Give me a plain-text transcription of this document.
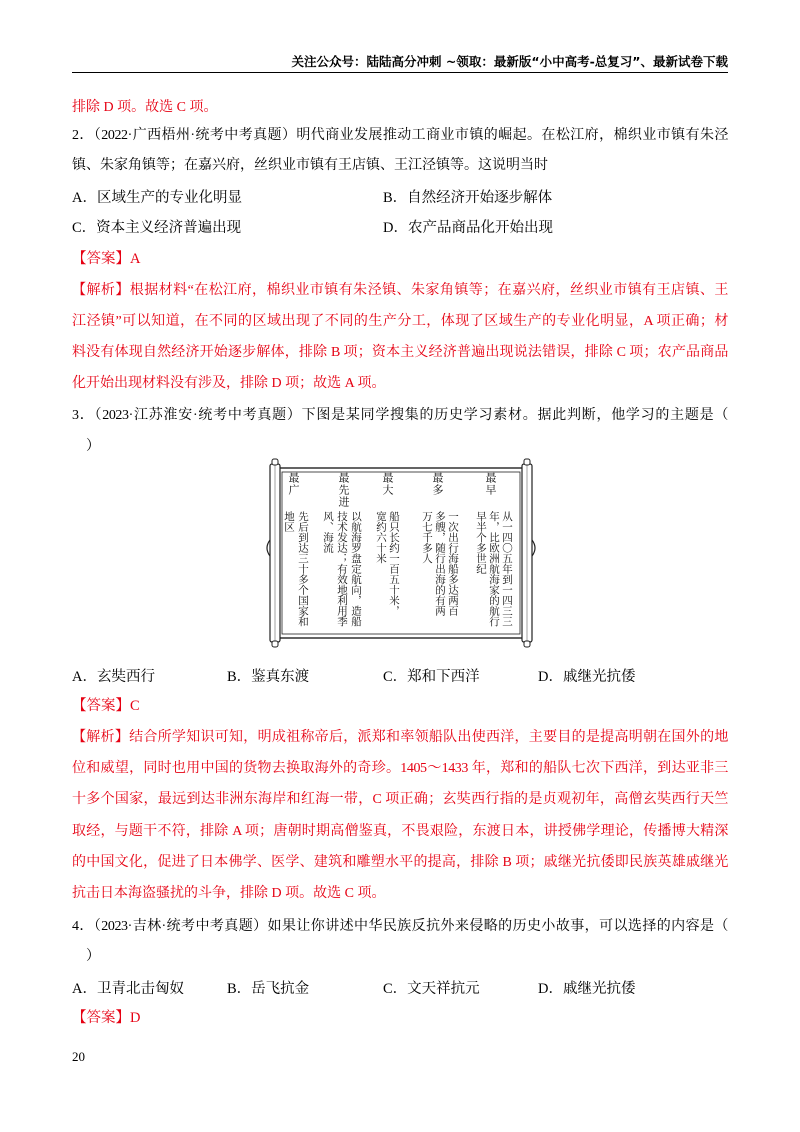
关注公众号：陆陆高分冲刺 ~领取：最新版“小中高考-总复习”、最新试卷下载
排除 D 项。故选 C 项。
2．（2022·广西梧州·统考中考真题）明代商业发展推动工商业市镇的崛起。在松江府，棉织业市镇有朱泾
镇、朱家角镇等；在嘉兴府，丝织业市镇有王店镇、王江泾镇等。这说明当时
A．区域生产的专业化明显	B．自然经济开始逐步解体
C．资本主义经济普遍出现	D．农产品商品化开始出现
【答案】A
【解析】根据材料“在松江府，棉织业市镇有朱泾镇、朱家角镇等；在嘉兴府，丝织业市镇有王店镇、王
江泾镇”可以知道，在不同的区域出现了不同的生产分工，体现了区域生产的专业化明显，A 项正确；材
料没有体现自然经济开始逐步解体，排除 B 项；资本主义经济普遍出现说法错误，排除 C 项；农产品商品
化开始出现材料没有涉及，排除 D 项；故选 A 项。
3．（2023·江苏淮安·统考中考真题）下图是某同学搜集的历史学习素材。据此判断，他学习的主题是（
）
最早
从一四〇五年到一四三三
年，比欧洲航海家的航行
早半个多世纪
最多
一次出行海船多达两百
多艘，随行出海的有两
万七千多人
最大
船只长约一百五十米，
宽约六十米
最先进
以航海罗盘定航向，造船
技术发达；有效地利用季
风、海流
最广
先后到达三十多个国家和
地区
A．玄奘西行	B．鉴真东渡	C．郑和下西洋	D．戚继光抗倭
【答案】C
【解析】结合所学知识可知，明成祖称帝后，派郑和率领船队出使西洋，主要目的是提高明朝在国外的地
位和威望，同时也用中国的货物去换取海外的奇珍。1405～1433 年，郑和的船队七次下西洋，到达亚非三
十多个国家，最远到达非洲东海岸和红海一带，C 项正确；玄奘西行指的是贞观初年，高僧玄奘西行天竺
取经，与题干不符，排除 A 项；唐朝时期高僧鉴真，不畏艰险，东渡日本，讲授佛学理论，传播博大精深
的中国文化，促进了日本佛学、医学、建筑和雕塑水平的提高，排除 B 项；戚继光抗倭即民族英雄戚继光
抗击日本海盗骚扰的斗争，排除 D 项。故选 C 项。
4．（2023·吉林·统考中考真题）如果让你讲述中华民族反抗外来侵略的历史小故事，可以选择的内容是（
）
A．卫青北击匈奴	B．岳飞抗金	C．文天祥抗元	D．戚继光抗倭
【答案】D
20
